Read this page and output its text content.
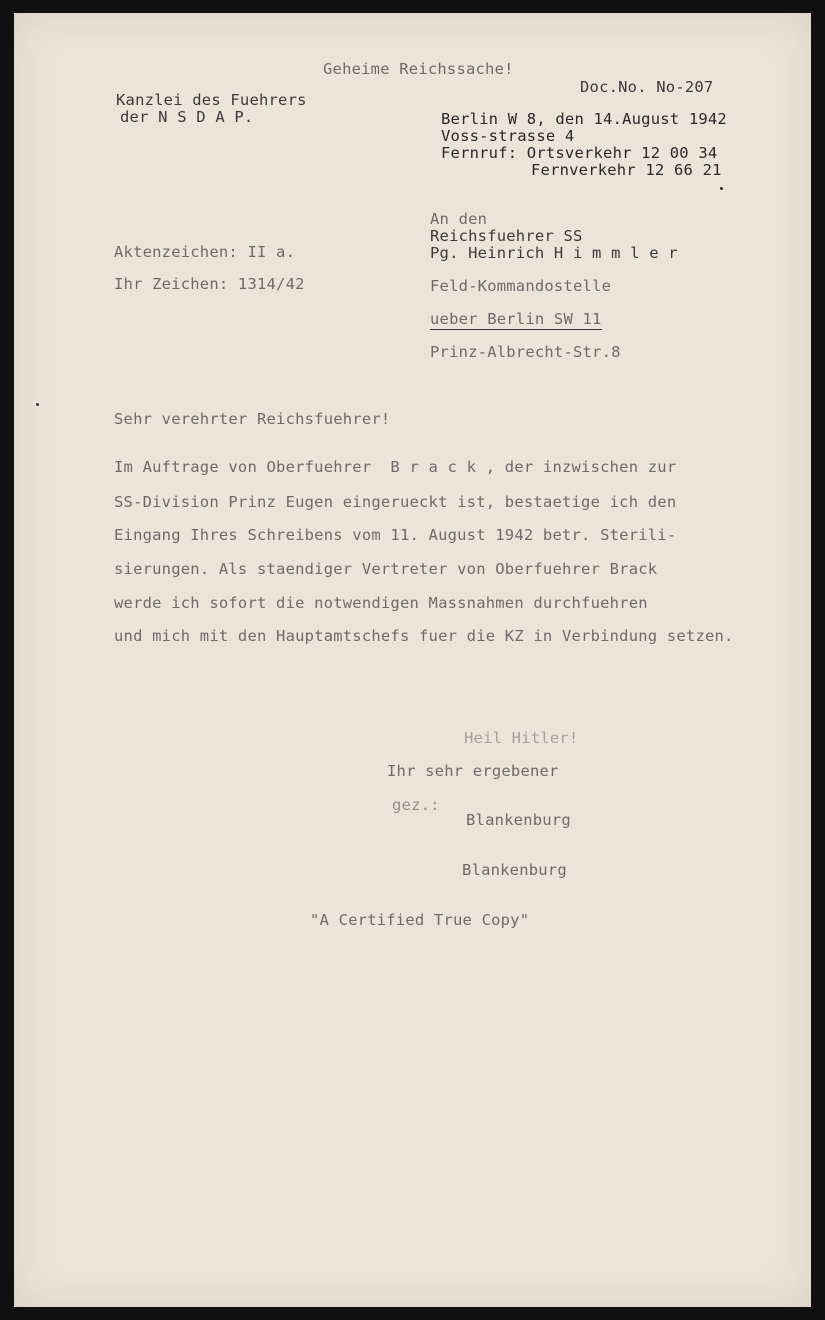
Geheime Reichssache!
Doc.No. No-207
Kanzlei des Fuehrers
der N S D A P.	Berlin W 8, den 14.August 1942
Voss-strasse 4
Fernruf: Ortsverkehr 12 00 34
Fernverkehr 12 66 21
An den
Reichsfuehrer SS
Pg. Heinrich H i m m l e r
Aktenzeichen: II a.
Ihr Zeichen: 1314/42	Feld-Kommandostelle
ueber Berlin SW 11
Prinz-Albrecht-Str.8
Sehr verehrter Reichsfuehrer!
Im Auftrage von Oberfuehrer  B r a c k , der inzwischen zur
SS-Division Prinz Eugen eingerueckt ist, bestaetige ich den
Eingang Ihres Schreibens vom 11. August 1942 betr. Sterili-
sierungen. Als staendiger Vertreter von Oberfuehrer Brack
werde ich sofort die notwendigen Massnahmen durchfuehren
und mich mit den Hauptamtschefs fuer die KZ in Verbindung setzen.
Heil Hitler!
Ihr sehr ergebener
gez.:
Blankenburg
Blankenburg
"A Certified True Copy"
